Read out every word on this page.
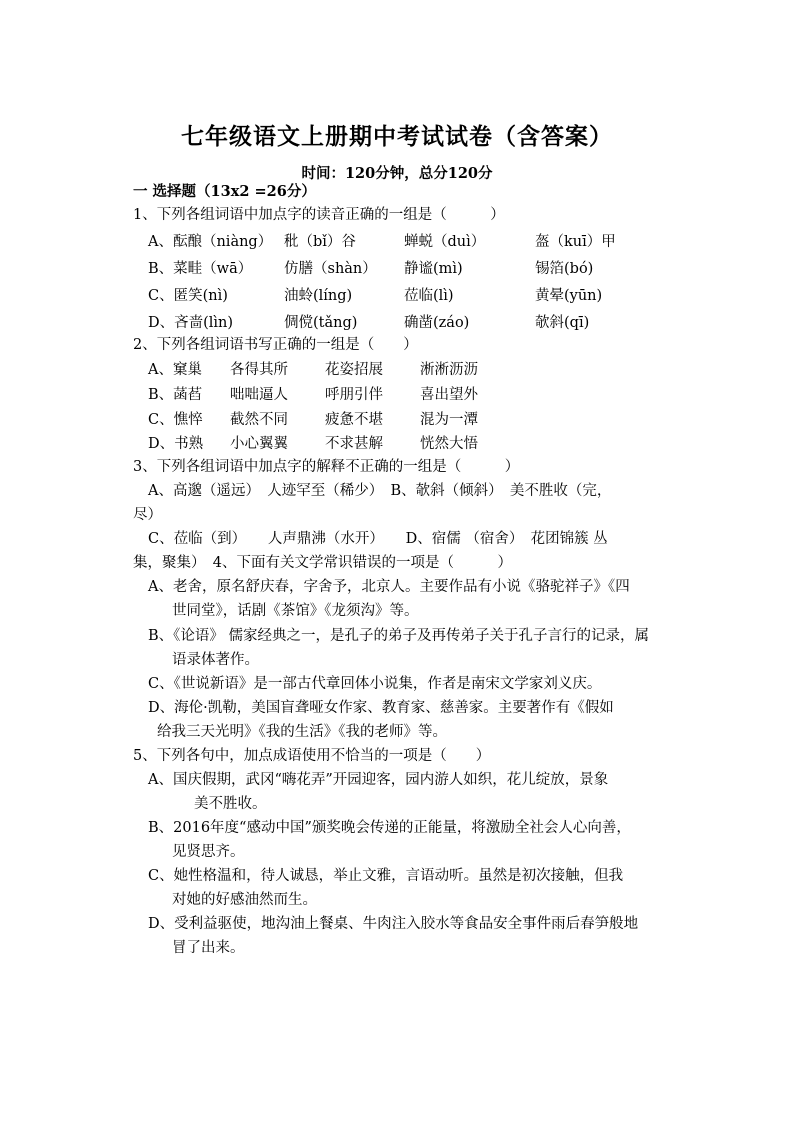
七年级语文上册期中考试试卷（含答案）
时间：120分钟，总分120分
一 选择题（13x2 =26分）
1、下列各组词语中加点字的读音正确的一组是（　　　）
A、酝酿（niàng） 秕（bǐ）谷	蝉蜕（duì）	盔（kuī）甲
B、菜畦（wā） 仿膳（shàn） 静谧(mì)	锡箔(bó)
C、匿笑(nì)	油蛉(líng)	莅临(lì)	黄晕(yūn)
D、吝啬(lìn)	倜傥(tǎng)	确凿(záo)	欹斜(qī)
2、下列各组词语书写正确的一组是（　　）
A、窠巢 各得其所	花姿招展	淅淅沥沥
B、菡萏 咄咄逼人	呼朋引伴	喜出望外
C、憔悴 截然不同	疲惫不堪	混为一潭
D、书熟 小心翼翼	不求甚解	恍然大悟
3、下列各组词语中加点字的解释不正确的一组是（　　　）
A、高邈（遥远）　人迹罕至（稀少）　B、欹斜（倾斜）　美不胜收（完，
尽）
C、莅临（到）　　人声鼎沸（水开）　　D、宿儒 （宿舍）　花团锦簇 丛
集，聚集）　4、下面有关文学常识错误的一项是（　　　）
A、老舍，原名舒庆春，字舍予，北京人。主要作品有小说《骆驼祥子》《四
世同堂》，话剧《茶馆》《龙须沟》等。
B、《论语》 儒家经典之一，是孔子的弟子及再传弟子关于孔子言行的记录，属
语录体著作。
C、《世说新语》是一部古代章回体小说集，作者是南宋文学家刘义庆。
D、海伦·凯勒，美国盲聋哑女作家、教育家、慈善家。主要著作有《假如
给我三天光明》《我的生活》《我的老师》等。
5、下列各句中，加点成语使用不恰当的一项是（　　）
A、国庆假期，武冈“嗨花弄”开园迎客，园内游人如织，花儿绽放，景象
美不胜收。
B、2016年度“感动中国”颁奖晚会传递的正能量，将激励全社会人心向善，
见贤思齐。
C、她性格温和，待人诚恳，举止文雅，言语动听。虽然是初次接触，但我
对她的好感油然而生。
D、受利益驱使，地沟油上餐桌、牛肉注入胶水等食品安全事件雨后春笋般地
冒了出来。
